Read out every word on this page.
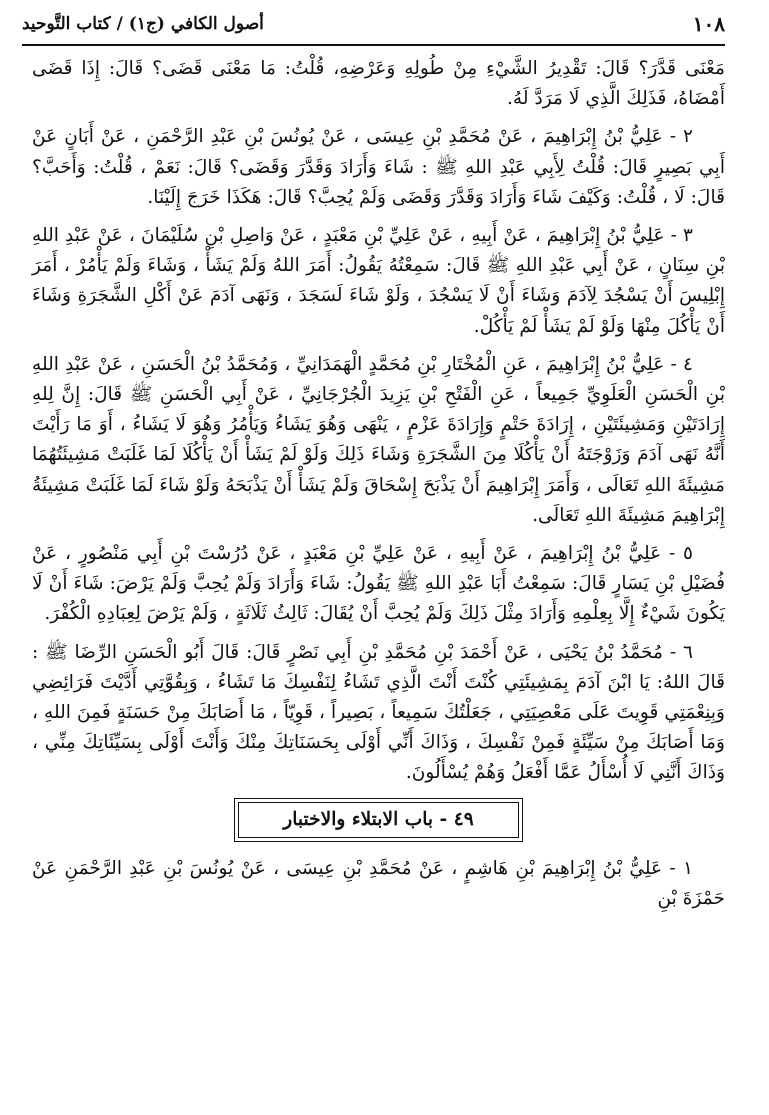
١٠٨
أصول الكافي (ج١) / كتاب التَّوحيد

مَعْنَى قَدَّرَ؟ قَالَ: تَقْدِيرُ الشَّيْءِ مِنْ طُولِهِ وَعَرْضِهِ، قُلْتُ: مَا مَعْنَى قَضَى؟ قَالَ: إِذَا قَضَى أَمْضَاهُ، فَذَلِكَ الَّذِي لَا مَرَدَّ لَهُ.

٢ - عَلِيُّ بْنُ إِبْرَاهِيمَ ، عَنْ مُحَمَّدِ بْنِ عِيسَى ، عَنْ يُونُسَ بْنِ عَبْدِ الرَّحْمَنِ ، عَنْ أَبَانٍ عَنْ أَبِي بَصِيرٍ قَالَ: قُلْتُ لِأَبِي عَبْدِ اللهِ ﷺ : شَاءَ وَأَرَادَ وَقَدَّرَ وَقَضَى؟ قَالَ: نَعَمْ ، قُلْتُ: وَأَحَبَّ؟ قَالَ: لَا ، قُلْتُ: وَكَيْفَ شَاءَ وَأَرَادَ وَقَدَّرَ وَقَضَى وَلَمْ يُحِبَّ؟ قَالَ: هَكَذَا خَرَجَ إِلَيْنَا.

٣ - عَلِيُّ بْنُ إِبْرَاهِيمَ ، عَنْ أَبِيهِ ، عَنْ عَلِيِّ بْنِ مَعْبَدٍ ، عَنْ وَاصِلِ بْنِ سُلَيْمَانَ ، عَنْ عَبْدِ اللهِ بْنِ سِنَانٍ ، عَنْ أَبِي عَبْدِ اللهِ ﷺ قَالَ: سَمِعْتُهُ يَقُولُ: أَمَرَ اللهُ وَلَمْ يَشَأْ ، وَشَاءَ وَلَمْ يَأْمُرْ ، أَمَرَ إِبْلِيسَ أَنْ يَسْجُدَ لِآدَمَ وَشَاءَ أَنْ لَا يَسْجُدَ ، وَلَوْ شَاءَ لَسَجَدَ ، وَنَهَى آدَمَ عَنْ أَكْلِ الشَّجَرَةِ وَشَاءَ أَنْ يَأْكُلَ مِنْهَا وَلَوْ لَمْ يَشَأْ لَمْ يَأْكُلْ.

٤ - عَلِيُّ بْنُ إِبْرَاهِيمَ ، عَنِ الْمُخْتَارِ بْنِ مُحَمَّدٍ الْهَمَدَانِيِّ ، وَمُحَمَّدُ بْنُ الْحَسَنِ ، عَنْ عَبْدِ اللهِ بْنِ الْحَسَنِ الْعَلَوِيِّ جَمِيعاً ، عَنِ الْفَتْحِ بْنِ يَزِيدَ الْجُرْجَانِيِّ ، عَنْ أَبِي الْحَسَنِ ﷺ قَالَ: إِنَّ لِلهِ إِرَادَتَيْنِ وَمَشِيئَتَيْنِ ، إِرَادَةَ حَتْمٍ وَإِرَادَةَ عَزْمٍ ، يَنْهَى وَهُوَ يَشَاءُ وَيَأْمُرُ وَهُوَ لَا يَشَاءُ ، أَوَ مَا رَأَيْتَ أَنَّهُ نَهَى آدَمَ وَزَوْجَتَهُ أَنْ يَأْكُلَا مِنَ الشَّجَرَةِ وَشَاءَ ذَلِكَ وَلَوْ لَمْ يَشَأْ أَنْ يَأْكُلَا لَمَا غَلَبَتْ مَشِيئَتُهُمَا مَشِيئَةَ اللهِ تَعَالَى ، وَأَمَرَ إِبْرَاهِيمَ أَنْ يَذْبَحَ إِسْحَاقَ وَلَمْ يَشَأْ أَنْ يَذْبَحَهُ وَلَوْ شَاءَ لَمَا غَلَبَتْ مَشِيئَةُ إِبْرَاهِيمَ مَشِيئَةَ اللهِ تَعَالَى.

٥ - عَلِيُّ بْنُ إِبْرَاهِيمَ ، عَنْ أَبِيهِ ، عَنْ عَلِيِّ بْنِ مَعْبَدٍ ، عَنْ دُرُسْتَ بْنِ أَبِي مَنْصُورٍ ، عَنْ فُضَيْلِ بْنِ يَسَارٍ قَالَ: سَمِعْتُ أَبَا عَبْدِ اللهِ ﷺ يَقُولُ: شَاءَ وَأَرَادَ وَلَمْ يُحِبَّ وَلَمْ يَرْضَ: شَاءَ أَنْ لَا يَكُونَ شَيْءٌ إِلَّا بِعِلْمِهِ وَأَرَادَ مِثْلَ ذَلِكَ وَلَمْ يُحِبَّ أَنْ يُقَالَ: ثَالِثُ ثَلَاثَةٍ ، وَلَمْ يَرْضَ لِعِبَادِهِ الْكُفْرَ.

٦ - مُحَمَّدُ بْنُ يَحْيَى ، عَنْ أَحْمَدَ بْنِ مُحَمَّدِ بْنِ أَبِي نَصْرٍ قَالَ: قَالَ أَبُو الْحَسَنِ الرِّضَا ﷺ : قَالَ اللهُ: يَا ابْنَ آدَمَ بِمَشِيئَتِي كُنْتَ أَنْتَ الَّذِي تَشَاءُ لِنَفْسِكَ مَا تَشَاءُ ، وَبِقُوَّتِي أَدَّيْتَ فَرَائِضِي وَبِنِعْمَتِي قَوِيتَ عَلَى مَعْصِيَتِي ، جَعَلْتُكَ سَمِيعاً ، بَصِيراً ، قَوِيّاً ، مَا أَصَابَكَ مِنْ حَسَنَةٍ فَمِنَ اللهِ ، وَمَا أَصَابَكَ مِنْ سَيِّئَةٍ فَمِنْ نَفْسِكَ ، وَذَاكَ أَنِّي أَوْلَى بِحَسَنَاتِكَ مِنْكَ وَأَنْتَ أَوْلَى بِسَيِّئَاتِكَ مِنِّي ، وَذَاكَ أَنَّنِي لَا أُسْأَلُ عَمَّا أَفْعَلُ وَهُمْ يُسْأَلُونَ.

٤٩ - باب الابتلاء والاختبار

١ - عَلِيُّ بْنُ إِبْرَاهِيمَ بْنِ هَاشِمٍ ، عَنْ مُحَمَّدِ بْنِ عِيسَى ، عَنْ يُونُسَ بْنِ عَبْدِ الرَّحْمَنِ عَنْ حَمْزَةَ بْنِ
